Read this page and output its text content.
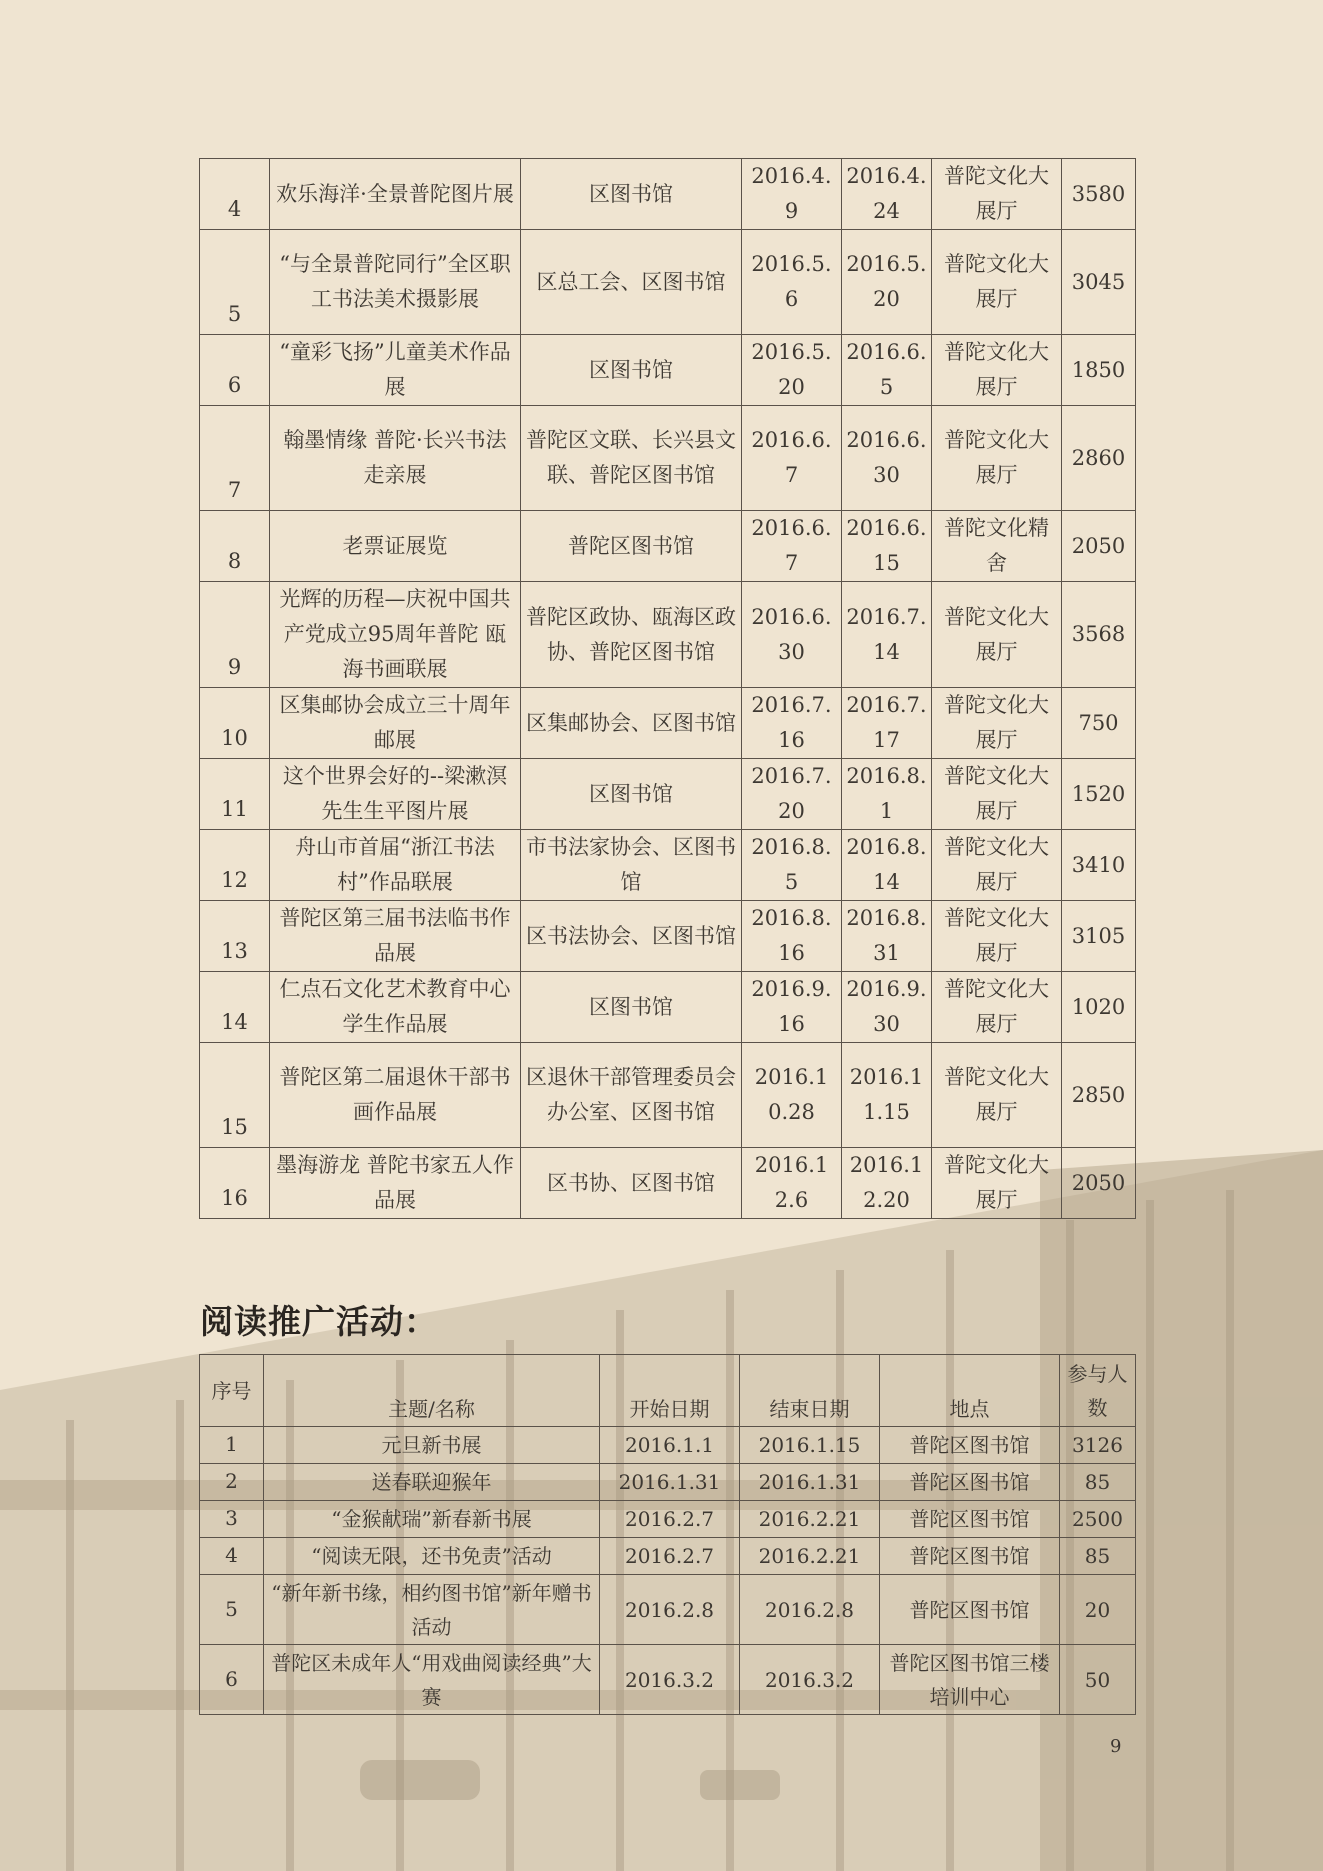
4	欢乐海洋·全景普陀图片展	区图书馆	2016.4.9	2016.4.24	普陀文化大展厅	3580
5	“与全景普陀同行”全区职工书法美术摄影展	区总工会、区图书馆	2016.5.6	2016.5.20	普陀文化大展厅	3045
6	“童彩飞扬”儿童美术作品展	区图书馆	2016.5.20	2016.6.5	普陀文化大展厅	1850
7	翰墨情缘 普陀·长兴书法走亲展	普陀区文联、长兴县文联、普陀区图书馆	2016.6.7	2016.6.30	普陀文化大展厅	2860
8	老票证展览	普陀区图书馆	2016.6.7	2016.6.15	普陀文化精舍	2050
9	光辉的历程—庆祝中国共产党成立95周年普陀 瓯海书画联展	普陀区政协、瓯海区政协、普陀区图书馆	2016.6.30	2016.7.14	普陀文化大展厅	3568
10	区集邮协会成立三十周年邮展	区集邮协会、区图书馆	2016.7.16	2016.7.17	普陀文化大展厅	750
11	这个世界会好的--梁漱溟先生生平图片展	区图书馆	2016.7.20	2016.8.1	普陀文化大展厅	1520
12	舟山市首届“浙江书法村”作品联展	市书法家协会、区图书馆	2016.8.5	2016.8.14	普陀文化大展厅	3410
13	普陀区第三届书法临书作品展	区书法协会、区图书馆	2016.8.16	2016.8.31	普陀文化大展厅	3105
14	仁点石文化艺术教育中心 学生作品展	区图书馆	2016.9.16	2016.9.30	普陀文化大展厅	1020
15	普陀区第二届退休干部书画作品展	区退休干部管理委员会办公室、区图书馆	2016.10.28	2016.11.15	普陀文化大展厅	2850
16	墨海游龙 普陀书家五人作品展	区书协、区图书馆	2016.12.6	2016.12.20	普陀文化大展厅	2050
阅读推广活动：
序号	主题/名称	开始日期	结束日期	地点	参与人数
1	元旦新书展	2016.1.1	2016.1.15	普陀区图书馆	3126
2	送春联迎猴年	2016.1.31	2016.1.31	普陀区图书馆	85
3	“金猴献瑞”新春新书展	2016.2.7	2016.2.21	普陀区图书馆	2500
4	“阅读无限，还书免责”活动	2016.2.7	2016.2.21	普陀区图书馆	85
5	“新年新书缘，相约图书馆”新年赠书活动	2016.2.8	2016.2.8	普陀区图书馆	20
6	普陀区未成年人“用戏曲阅读经典”大赛	2016.3.2	2016.3.2	普陀区图书馆三楼培训中心	50
9
